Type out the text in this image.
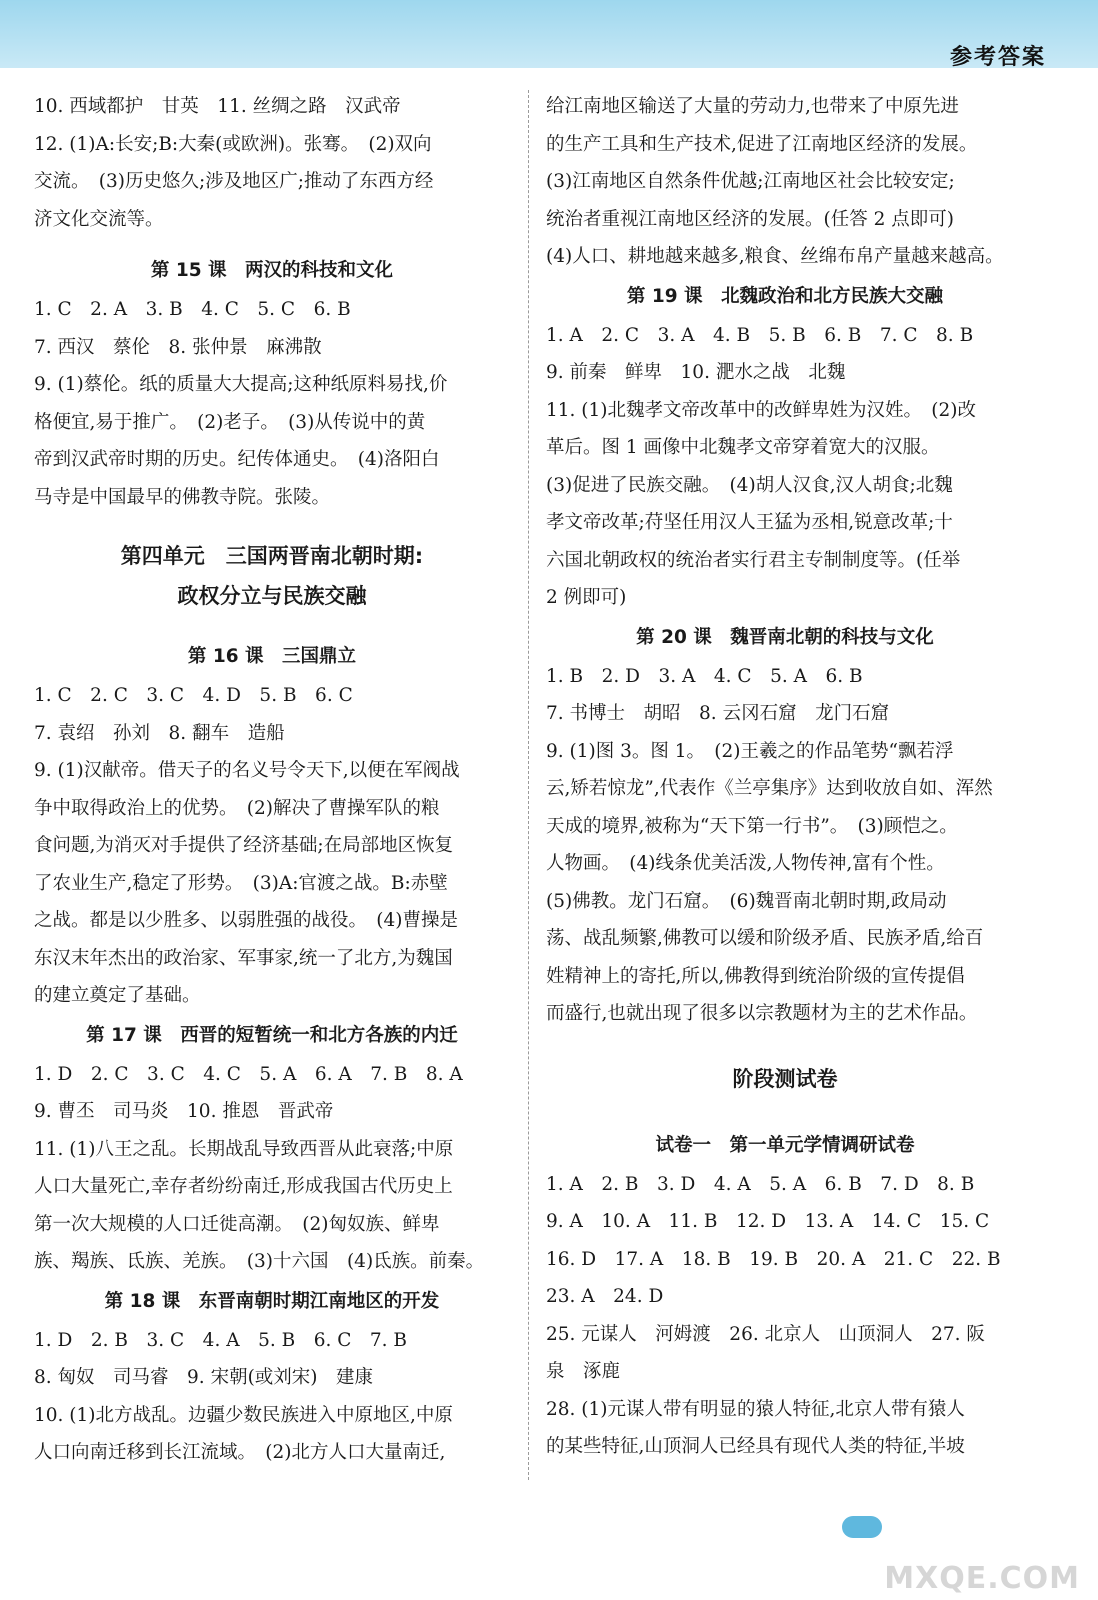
参考答案
10. 西域都护　甘英　11. 丝绸之路　汉武帝
12. (1)A:长安;B:大秦(或欧洲)。张骞。　(2)双向
交流。　(3)历史悠久;涉及地区广;推动了东西方经
济文化交流等。
第 15 课　两汉的科技和文化
1. C　2. A　3. B　4. C　5. C　6. B
7. 西汉　蔡伦　8. 张仲景　麻沸散
9. (1)蔡伦。纸的质量大大提高;这种纸原料易找,价
格便宜,易于推广。　(2)老子。　(3)从传说中的黄
帝到汉武帝时期的历史。纪传体通史。　(4)洛阳白
马寺是中国最早的佛教寺院。张陵。
第四单元　三国两晋南北朝时期:
政权分立与民族交融
第 16 课　三国鼎立
1. C　2. C　3. C　4. D　5. B　6. C
7. 袁绍　孙刘　8. 翻车　造船
9. (1)汉献帝。借天子的名义号令天下,以便在军阀战
争中取得政治上的优势。　(2)解决了曹操军队的粮
食问题,为消灭对手提供了经济基础;在局部地区恢复
了农业生产,稳定了形势。　(3)A:官渡之战。B:赤壁
之战。都是以少胜多、以弱胜强的战役。　(4)曹操是
东汉末年杰出的政治家、军事家,统一了北方,为魏国
的建立奠定了基础。
第 17 课　西晋的短暂统一和北方各族的内迁
1. D　2. C　3. C　4. C　5. A　6. A　7. B　8. A
9. 曹丕　司马炎　10. 推恩　晋武帝
11. (1)八王之乱。长期战乱导致西晋从此衰落;中原
人口大量死亡,幸存者纷纷南迁,形成我国古代历史上
第一次大规模的人口迁徙高潮。　(2)匈奴族、鲜卑
族、羯族、氐族、羌族。　(3)十六国　(4)氐族。前秦。
第 18 课　东晋南朝时期江南地区的开发
1. D　2. B　3. C　4. A　5. B　6. C　7. B
8. 匈奴　司马睿　9. 宋朝(或刘宋)　建康
10. (1)北方战乱。边疆少数民族进入中原地区,中原
人口向南迁移到长江流域。　(2)北方人口大量南迁,
给江南地区输送了大量的劳动力,也带来了中原先进
的生产工具和生产技术,促进了江南地区经济的发展。
(3)江南地区自然条件优越;江南地区社会比较安定;
统治者重视江南地区经济的发展。(任答 2 点即可)
(4)人口、耕地越来越多,粮食、丝绵布帛产量越来越高。
第 19 课　北魏政治和北方民族大交融
1. A　2. C　3. A　4. B　5. B　6. B　7. C　8. B
9. 前秦　鲜卑　10. 淝水之战　北魏
11. (1)北魏孝文帝改革中的改鲜卑姓为汉姓。　(2)改
革后。图 1 画像中北魏孝文帝穿着宽大的汉服。
(3)促进了民族交融。　(4)胡人汉食,汉人胡食;北魏
孝文帝改革;苻坚任用汉人王猛为丞相,锐意改革;十
六国北朝政权的统治者实行君主专制制度等。(任举
2 例即可)
第 20 课　魏晋南北朝的科技与文化
1. B　2. D　3. A　4. C　5. A　6. B
7. 书博士　胡昭　8. 云冈石窟　龙门石窟
9. (1)图 3。图 1。　(2)王羲之的作品笔势“飘若浮
云,矫若惊龙”,代表作《兰亭集序》达到收放自如、浑然
天成的境界,被称为“天下第一行书”。　(3)顾恺之。
人物画。　(4)线条优美活泼,人物传神,富有个性。
(5)佛教。龙门石窟。　(6)魏晋南北朝时期,政局动
荡、战乱频繁,佛教可以缓和阶级矛盾、民族矛盾,给百
姓精神上的寄托,所以,佛教得到统治阶级的宣传提倡
而盛行,也就出现了很多以宗教题材为主的艺术作品。
阶段测试卷
试卷一　第一单元学情调研试卷
1. A　2. B　3. D　4. A　5. A　6. B　7. D　8. B
9. A　10. A　11. B　12. D　13. A　14. C　15. C
16. D　17. A　18. B　19. B　20. A　21. C　22. B
23. A　24. D
25. 元谋人　河姆渡　26. 北京人　山顶洞人　27. 阪
泉　涿鹿
28. (1)元谋人带有明显的猿人特征,北京人带有猿人
的某些特征,山顶洞人已经具有现代人类的特征,半坡
MXQE.COM
